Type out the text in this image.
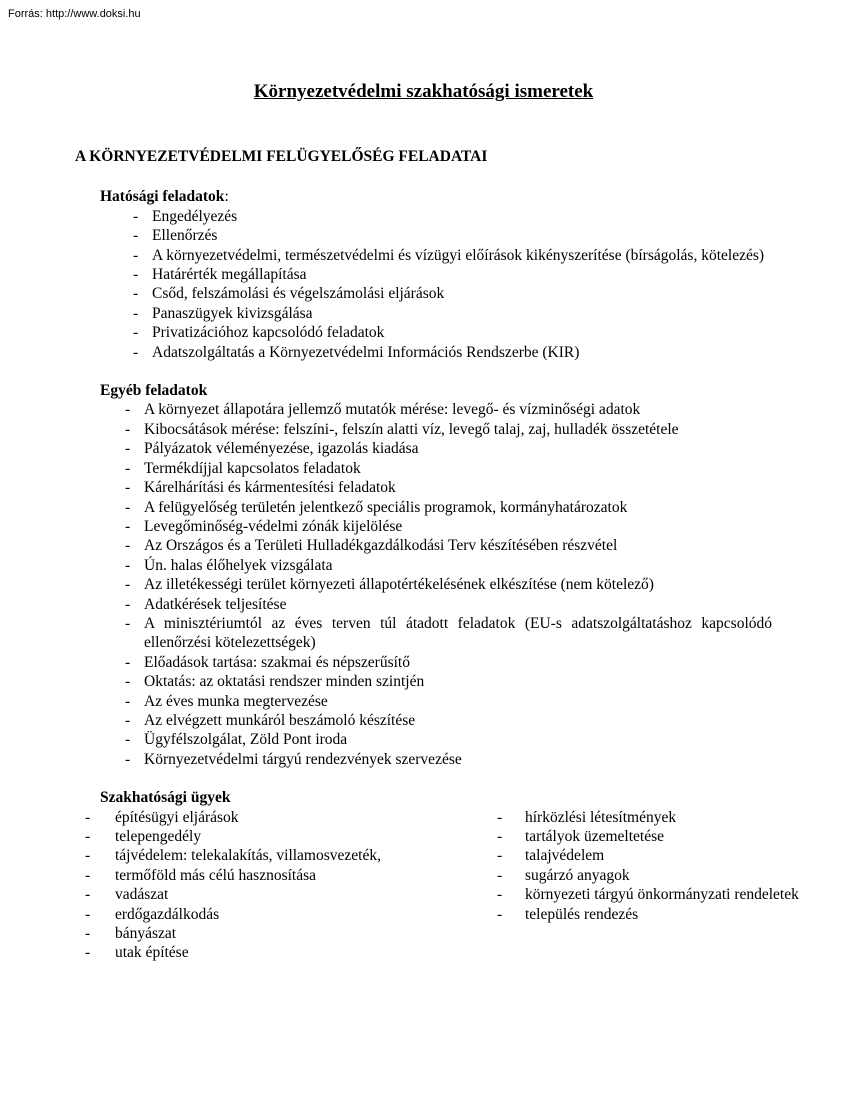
Forrás: http://www.doksi.hu
Környezetvédelmi szakhatósági ismeretek
A KÖRNYEZETVÉDELMI FELÜGYELŐSÉG FELADATAI
Hatósági feladatok:
- Engedélyezés
- Ellenőrzés
- A környezetvédelmi, természetvédelmi és vízügyi előírások kikényszerítése (bírságolás, kötelezés)
- Határérték megállapítása
- Csőd, felszámolási és végelszámolási eljárások
- Panaszügyek kivizsgálása
- Privatizációhoz kapcsolódó feladatok
- Adatszolgáltatás a Környezetvédelmi Információs Rendszerbe (KIR)
Egyéb feladatok
- A környezet állapotára jellemző mutatók mérése: levegő- és vízminőségi adatok
- Kibocsátások mérése: felszíni-, felszín alatti víz, levegő talaj, zaj, hulladék összetétele
- Pályázatok véleményezése, igazolás kiadása
- Termékdíjjal kapcsolatos feladatok
- Kárelhárítási és kármentesítési feladatok
- A felügyelőség területén jelentkező speciális programok, kormányhatározatok
- Levegőminőség-védelmi zónák kijelölése
- Az Országos és a Területi Hulladékgazdálkodási Terv készítésében részvétel
- Ún. halas élőhelyek vizsgálata
- Az illetékességi terület környezeti állapotértékelésének elkészítése (nem kötelező)
- Adatkérések teljesítése
- A minisztériumtól az éves terven túl átadott feladatok (EU-s adatszolgáltatáshoz kapcsolódó ellenőrzési kötelezettségek)
- Előadások tartása: szakmai és népszerűsítő
- Oktatás: az oktatási rendszer minden szintjén
- Az éves munka megtervezése
- Az elvégzett munkáról beszámoló készítése
- Ügyfélszolgálat, Zöld Pont iroda
- Környezetvédelmi tárgyú rendezvények szervezése
Szakhatósági ügyek
-	építésügyi eljárások
-	telepengedély
-	tájvédelem: telekalakítás, villamosvezeték,
-	termőföld más célú hasznosítása
-	vadászat
-	erdőgazdálkodás
-	bányászat
-	utak építése
-	hírközlési létesítmények
-	tartályok üzemeltetése
-	talajvédelem
-	sugárzó anyagok
-	környezeti tárgyú önkormányzati rendeletek
-	település rendezés
